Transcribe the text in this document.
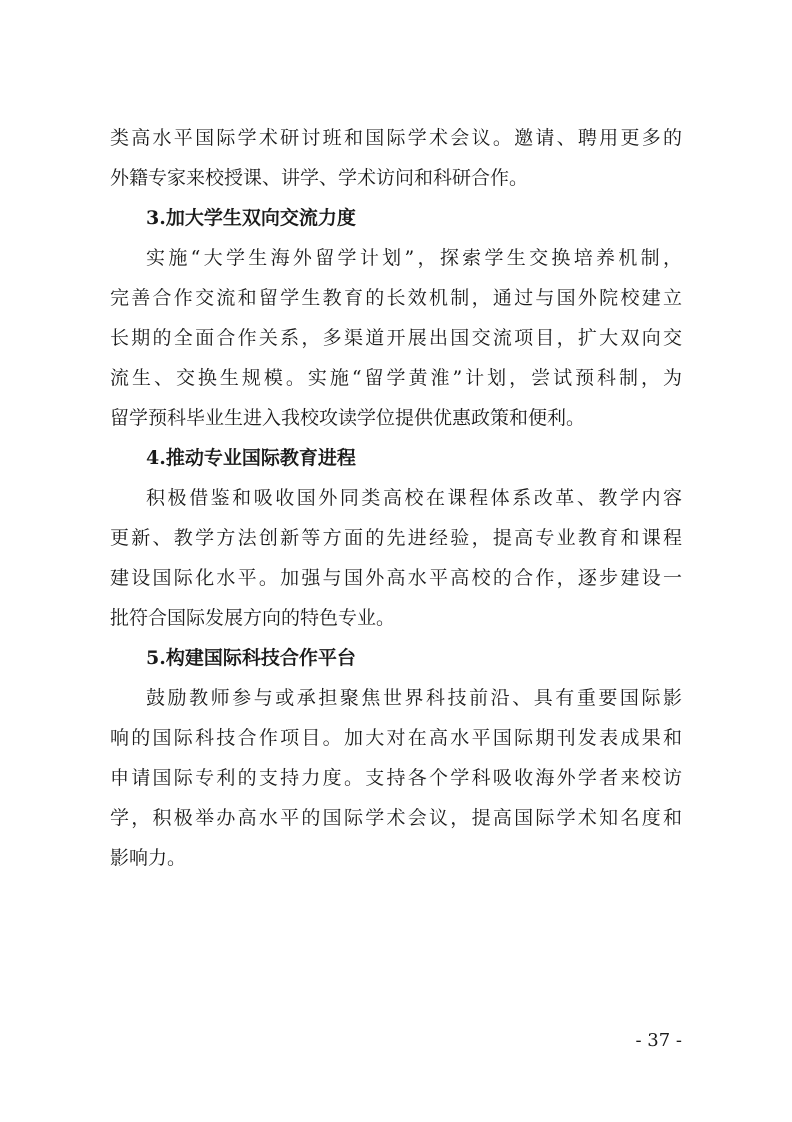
类高水平国际学术研讨班和国际学术会议。邀请、聘用更多的
外籍专家来校授课、讲学、学术访问和科研合作。
3.加大学生双向交流力度
实施“大学生海外留学计划”，探索学生交换培养机制，
完善合作交流和留学生教育的长效机制，通过与国外院校建立
长期的全面合作关系，多渠道开展出国交流项目，扩大双向交
流生、交换生规模。实施“留学黄淮”计划，尝试预科制，为
留学预科毕业生进入我校攻读学位提供优惠政策和便利。
4.推动专业国际教育进程
积极借鉴和吸收国外同类高校在课程体系改革、教学内容
更新、教学方法创新等方面的先进经验，提高专业教育和课程
建设国际化水平。加强与国外高水平高校的合作，逐步建设一
批符合国际发展方向的特色专业。
5.构建国际科技合作平台
鼓励教师参与或承担聚焦世界科技前沿、具有重要国际影
响的国际科技合作项目。加大对在高水平国际期刊发表成果和
申请国际专利的支持力度。支持各个学科吸收海外学者来校访
学，积极举办高水平的国际学术会议，提高国际学术知名度和
影响力。
- 37 -
